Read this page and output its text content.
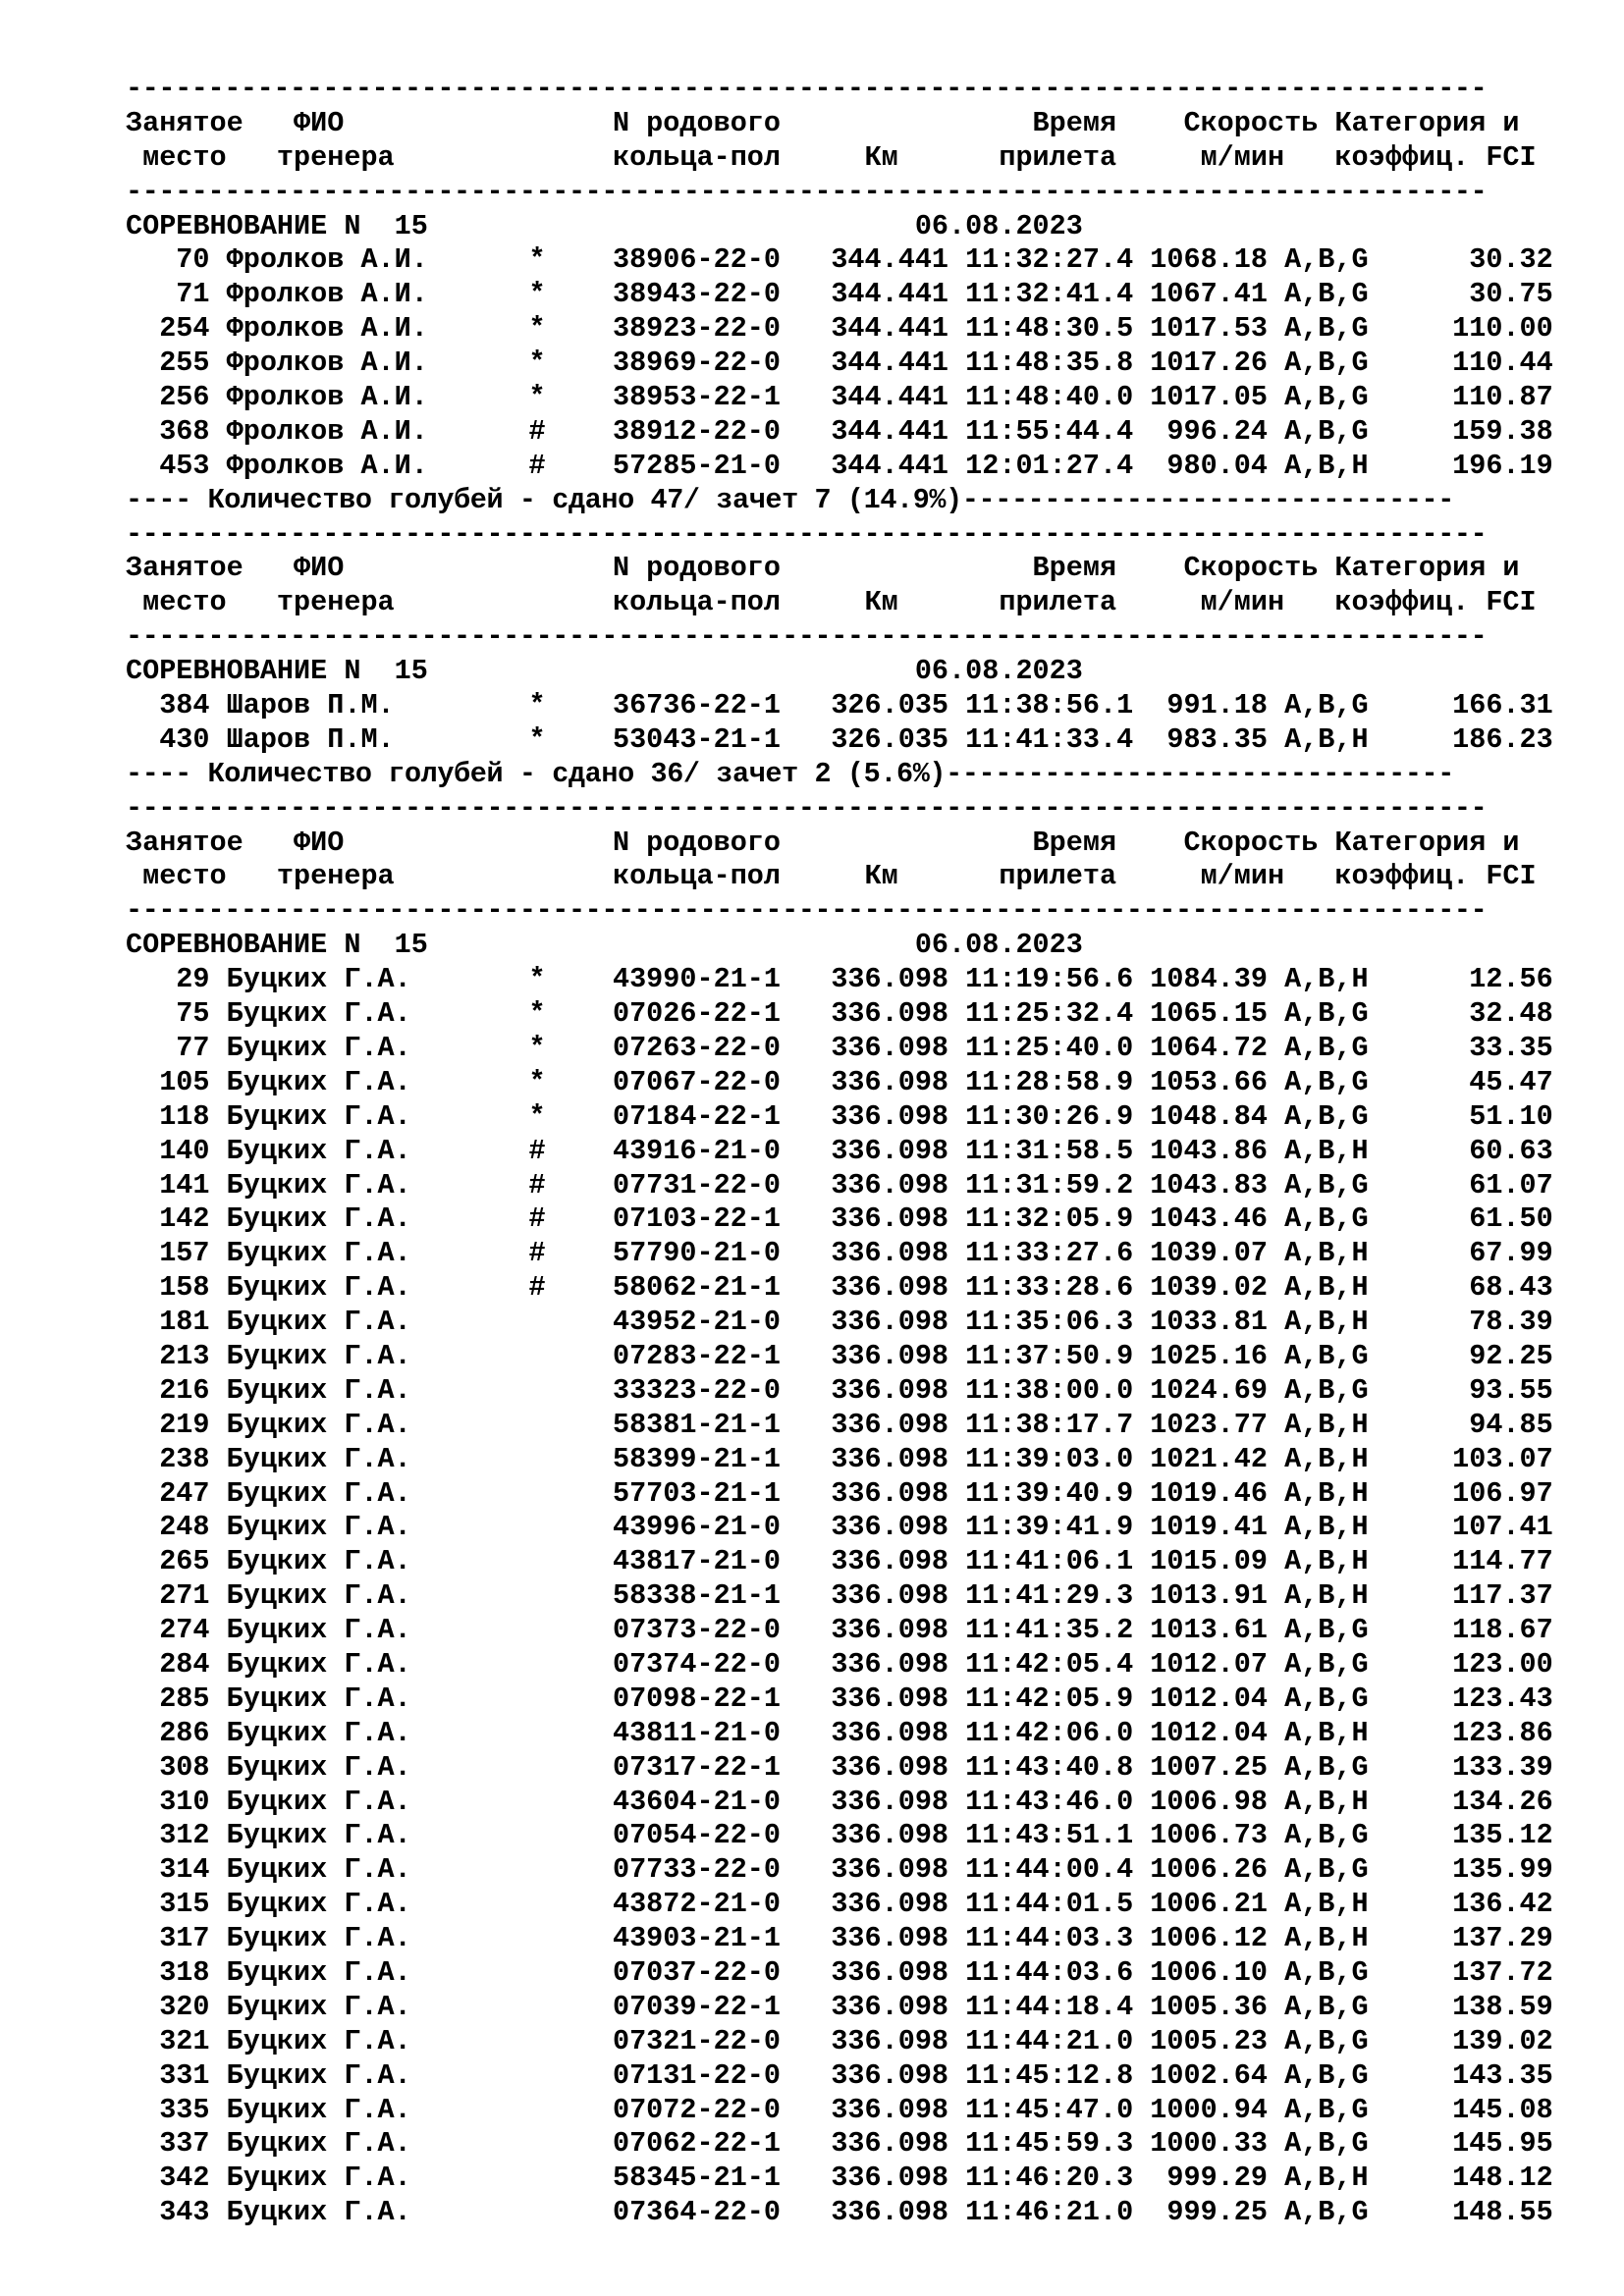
-----------------------------------------------------------------------------------
Занятое   ФИО                N родового               Время    Скорость Категория и
место   тренера             кольца-пол     Км      прилета     м/мин   коэффиц. FCI
-----------------------------------------------------------------------------------
СОРЕВНОВАНИЕ N  15                             06.08.2023
70 Фролков А.И.      *    38906-22-0   344.441 11:32:27.4 1068.18 A,B,G      30.32
71 Фролков А.И.      *    38943-22-0   344.441 11:32:41.4 1067.41 A,B,G      30.75
254 Фролков А.И.      *    38923-22-0   344.441 11:48:30.5 1017.53 A,B,G     110.00
255 Фролков А.И.      *    38969-22-0   344.441 11:48:35.8 1017.26 A,B,G     110.44
256 Фролков А.И.      *    38953-22-1   344.441 11:48:40.0 1017.05 A,B,G     110.87
368 Фролков А.И.      #    38912-22-0   344.441 11:55:44.4  996.24 A,B,G     159.38
453 Фролков А.И.      #    57285-21-0   344.441 12:01:27.4  980.04 A,B,H     196.19
---- Количество голубей - сдано 47/ зачет 7 (14.9%)------------------------------
-----------------------------------------------------------------------------------
Занятое   ФИО                N родового               Время    Скорость Категория и
место   тренера             кольца-пол     Км      прилета     м/мин   коэффиц. FCI
-----------------------------------------------------------------------------------
СОРЕВНОВАНИЕ N  15                             06.08.2023
384 Шаров П.М.        *    36736-22-1   326.035 11:38:56.1  991.18 A,B,G     166.31
430 Шаров П.М.        *    53043-21-1   326.035 11:41:33.4  983.35 A,B,H     186.23
---- Количество голубей - сдано 36/ зачет 2 (5.6%)-------------------------------
-----------------------------------------------------------------------------------
Занятое   ФИО                N родового               Время    Скорость Категория и
место   тренера             кольца-пол     Км      прилета     м/мин   коэффиц. FCI
-----------------------------------------------------------------------------------
СОРЕВНОВАНИЕ N  15                             06.08.2023
29 Буцких Г.А.       *    43990-21-1   336.098 11:19:56.6 1084.39 A,B,H      12.56
75 Буцких Г.А.       *    07026-22-1   336.098 11:25:32.4 1065.15 A,B,G      32.48
77 Буцких Г.А.       *    07263-22-0   336.098 11:25:40.0 1064.72 A,B,G      33.35
105 Буцких Г.А.       *    07067-22-0   336.098 11:28:58.9 1053.66 A,B,G      45.47
118 Буцких Г.А.       *    07184-22-1   336.098 11:30:26.9 1048.84 A,B,G      51.10
140 Буцких Г.А.       #    43916-21-0   336.098 11:31:58.5 1043.86 A,B,H      60.63
141 Буцких Г.А.       #    07731-22-0   336.098 11:31:59.2 1043.83 A,B,G      61.07
142 Буцких Г.А.       #    07103-22-1   336.098 11:32:05.9 1043.46 A,B,G      61.50
157 Буцких Г.А.       #    57790-21-0   336.098 11:33:27.6 1039.07 A,B,H      67.99
158 Буцких Г.А.       #    58062-21-1   336.098 11:33:28.6 1039.02 A,B,H      68.43
181 Буцких Г.А.            43952-21-0   336.098 11:35:06.3 1033.81 A,B,H      78.39
213 Буцких Г.А.            07283-22-1   336.098 11:37:50.9 1025.16 A,B,G      92.25
216 Буцких Г.А.            33323-22-0   336.098 11:38:00.0 1024.69 A,B,G      93.55
219 Буцких Г.А.            58381-21-1   336.098 11:38:17.7 1023.77 A,B,H      94.85
238 Буцких Г.А.            58399-21-1   336.098 11:39:03.0 1021.42 A,B,H     103.07
247 Буцких Г.А.            57703-21-1   336.098 11:39:40.9 1019.46 A,B,H     106.97
248 Буцких Г.А.            43996-21-0   336.098 11:39:41.9 1019.41 A,B,H     107.41
265 Буцких Г.А.            43817-21-0   336.098 11:41:06.1 1015.09 A,B,H     114.77
271 Буцких Г.А.            58338-21-1   336.098 11:41:29.3 1013.91 A,B,H     117.37
274 Буцких Г.А.            07373-22-0   336.098 11:41:35.2 1013.61 A,B,G     118.67
284 Буцких Г.А.            07374-22-0   336.098 11:42:05.4 1012.07 A,B,G     123.00
285 Буцких Г.А.            07098-22-1   336.098 11:42:05.9 1012.04 A,B,G     123.43
286 Буцких Г.А.            43811-21-0   336.098 11:42:06.0 1012.04 A,B,H     123.86
308 Буцких Г.А.            07317-22-1   336.098 11:43:40.8 1007.25 A,B,G     133.39
310 Буцких Г.А.            43604-21-0   336.098 11:43:46.0 1006.98 A,B,H     134.26
312 Буцких Г.А.            07054-22-0   336.098 11:43:51.1 1006.73 A,B,G     135.12
314 Буцких Г.А.            07733-22-0   336.098 11:44:00.4 1006.26 A,B,G     135.99
315 Буцких Г.А.            43872-21-0   336.098 11:44:01.5 1006.21 A,B,H     136.42
317 Буцких Г.А.            43903-21-1   336.098 11:44:03.3 1006.12 A,B,H     137.29
318 Буцких Г.А.            07037-22-0   336.098 11:44:03.6 1006.10 A,B,G     137.72
320 Буцких Г.А.            07039-22-1   336.098 11:44:18.4 1005.36 A,B,G     138.59
321 Буцких Г.А.            07321-22-0   336.098 11:44:21.0 1005.23 A,B,G     139.02
331 Буцких Г.А.            07131-22-0   336.098 11:45:12.8 1002.64 A,B,G     143.35
335 Буцких Г.А.            07072-22-0   336.098 11:45:47.0 1000.94 A,B,G     145.08
337 Буцких Г.А.            07062-22-1   336.098 11:45:59.3 1000.33 A,B,G     145.95
342 Буцких Г.А.            58345-21-1   336.098 11:46:20.3  999.29 A,B,H     148.12
343 Буцких Г.А.            07364-22-0   336.098 11:46:21.0  999.25 A,B,G     148.55
